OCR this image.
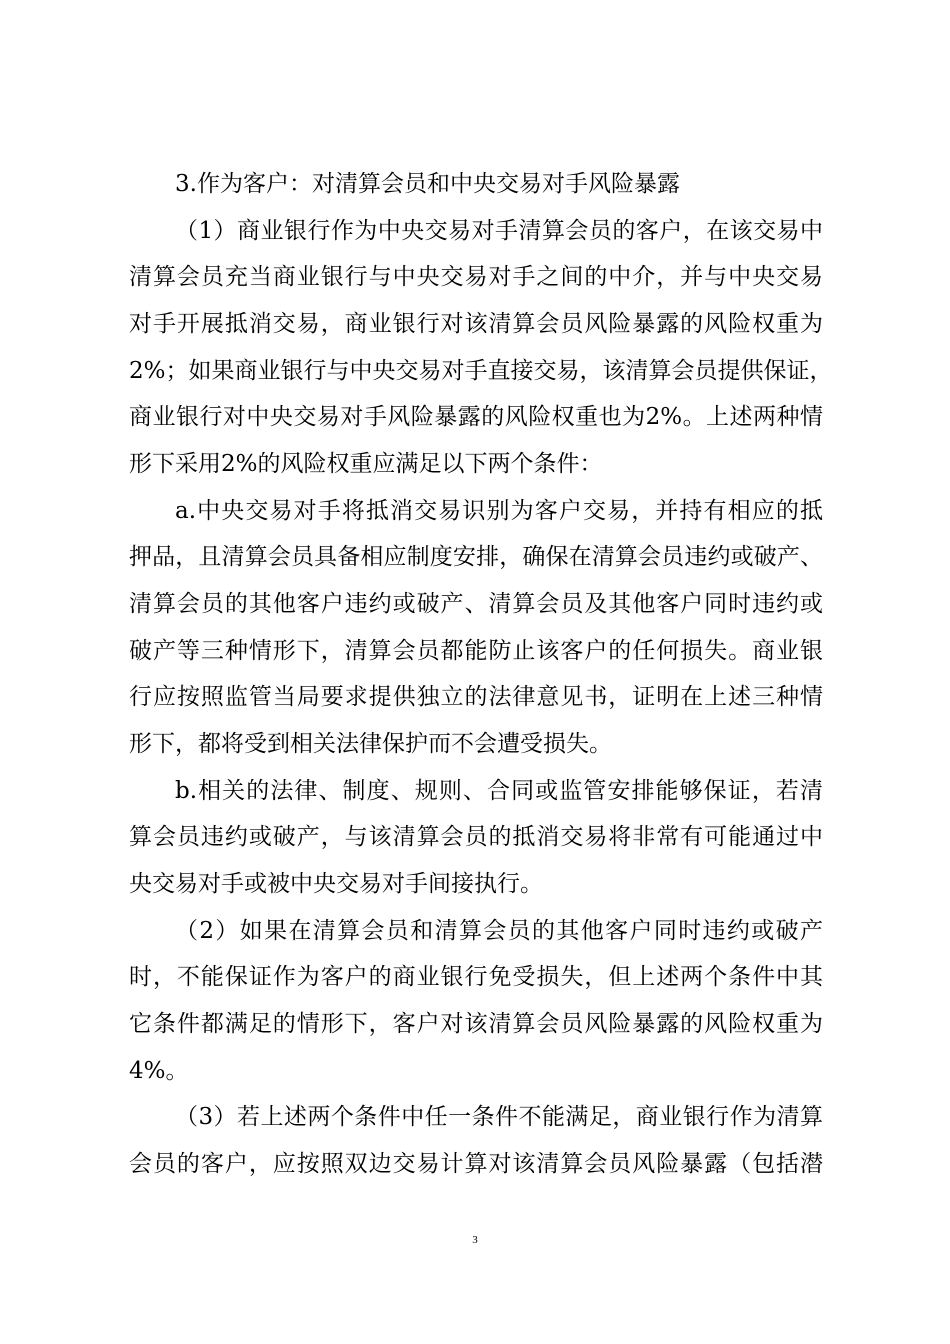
3.作为客户：对清算会员和中央交易对手风险暴露
（1）商业银行作为中央交易对手清算会员的客户，在该交易中
清算会员充当商业银行与中央交易对手之间的中介，并与中央交易
对手开展抵消交易，商业银行对该清算会员风险暴露的风险权重为
2%；如果商业银行与中央交易对手直接交易，该清算会员提供保证，
商业银行对中央交易对手风险暴露的风险权重也为2%。上述两种情
形下采用2%的风险权重应满足以下两个条件：
a.中央交易对手将抵消交易识别为客户交易，并持有相应的抵
押品，且清算会员具备相应制度安排，确保在清算会员违约或破产、
清算会员的其他客户违约或破产、清算会员及其他客户同时违约或
破产等三种情形下，清算会员都能防止该客户的任何损失。商业银
行应按照监管当局要求提供独立的法律意见书，证明在上述三种情
形下，都将受到相关法律保护而不会遭受损失。
b.相关的法律、制度、规则、合同或监管安排能够保证，若清
算会员违约或破产，与该清算会员的抵消交易将非常有可能通过中
央交易对手或被中央交易对手间接执行。
（2）如果在清算会员和清算会员的其他客户同时违约或破产
时，不能保证作为客户的商业银行免受损失，但上述两个条件中其
它条件都满足的情形下，客户对该清算会员风险暴露的风险权重为
4%。
（3）若上述两个条件中任一条件不能满足，商业银行作为清算
会员的客户，应按照双边交易计算对该清算会员风险暴露（包括潜
3
